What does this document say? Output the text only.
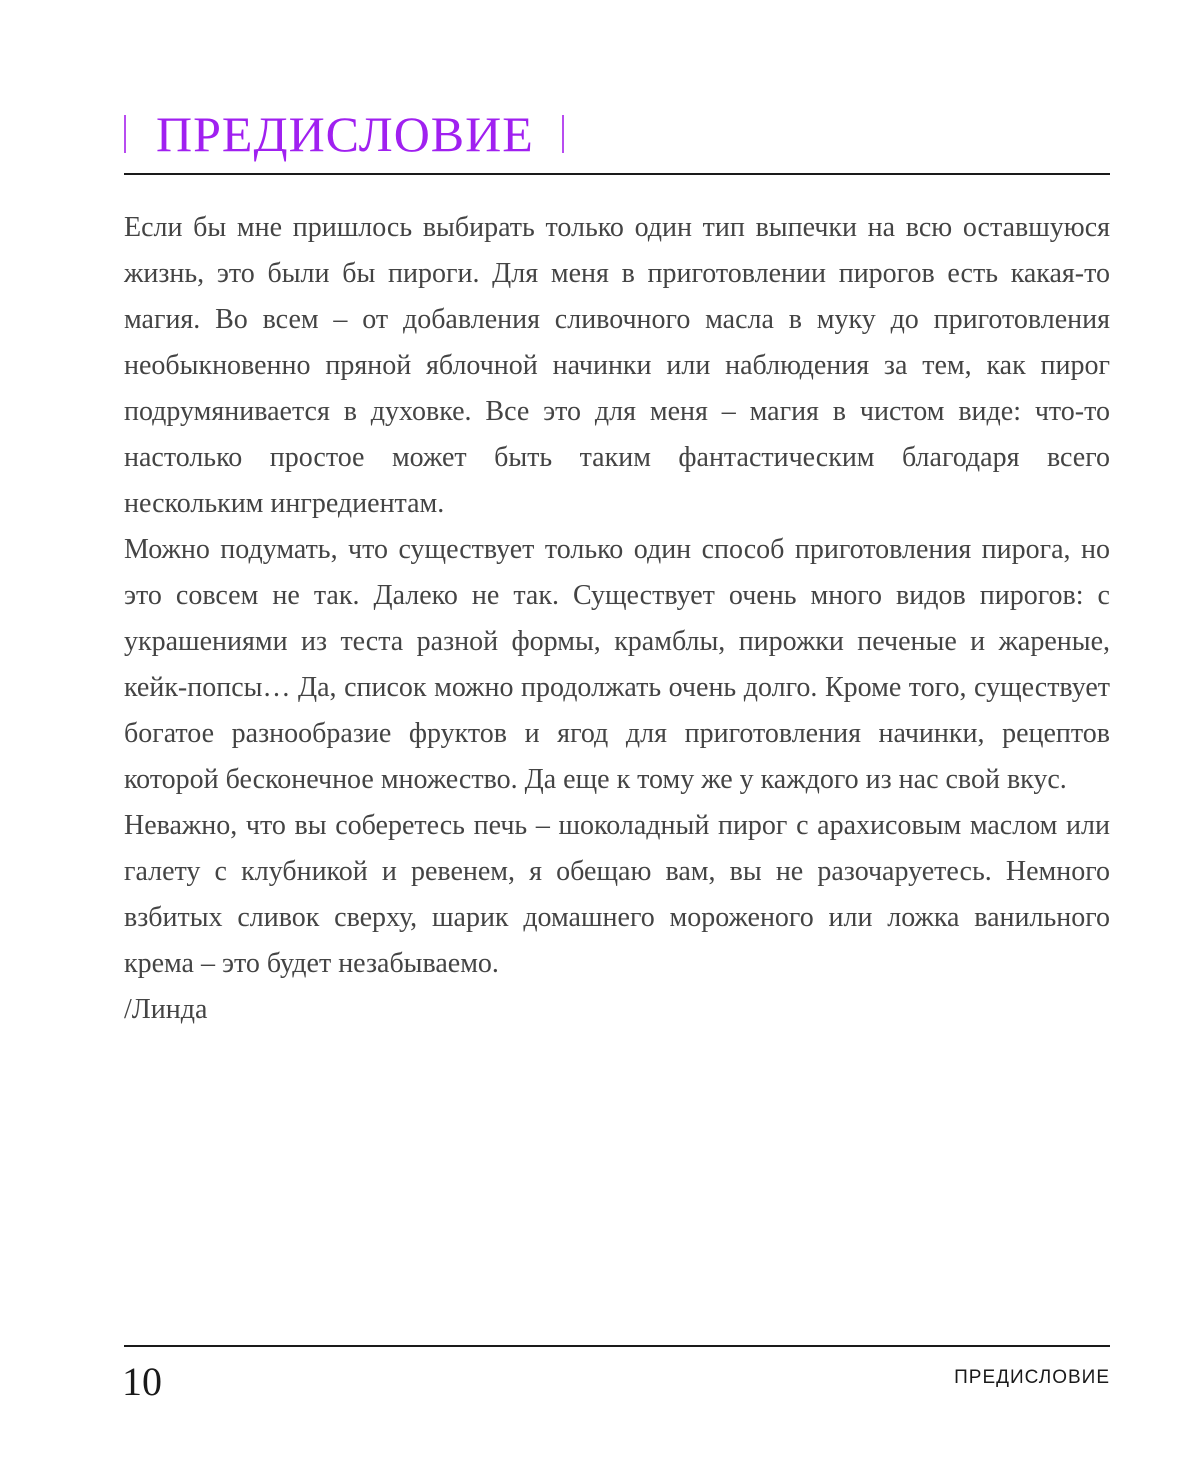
ПРЕДИСЛОВИЕ

Если бы мне пришлось выбирать только один тип выпечки на всю оставшуюся жизнь, это были бы пироги. Для меня в приготовлении пирогов есть какая-то магия. Во всем – от добавления сливочного масла в муку до приготовления необыкновенно пряной яблочной начинки или наблюдения за тем, как пирог подрумянивается в духовке. Все это для меня – магия в чистом виде: что-то настолько простое может быть таким фантастическим благодаря всего нескольким ингредиентам.

Можно подумать, что существует только один способ приготовления пирога, но это совсем не так. Далеко не так. Существует очень много видов пирогов: с украшениями из теста разной формы, крамблы, пирожки печеные и жареные, кейк-попсы… Да, список можно продолжать очень долго. Кроме того, существует богатое разнообразие фруктов и ягод для приготовления начинки, рецептов которой бесконечное множество. Да еще к тому же у каждого из нас свой вкус.

Неважно, что вы соберетесь печь – шоколадный пирог с арахисовым маслом или галету с клубникой и ревенем, я обещаю вам, вы не разочаруетесь. Немного взбитых сливок сверху, шарик домашнего мороженого или ложка ванильного крема – это будет незабываемо.

/Линда

10	ПРЕДИСЛОВИЕ
